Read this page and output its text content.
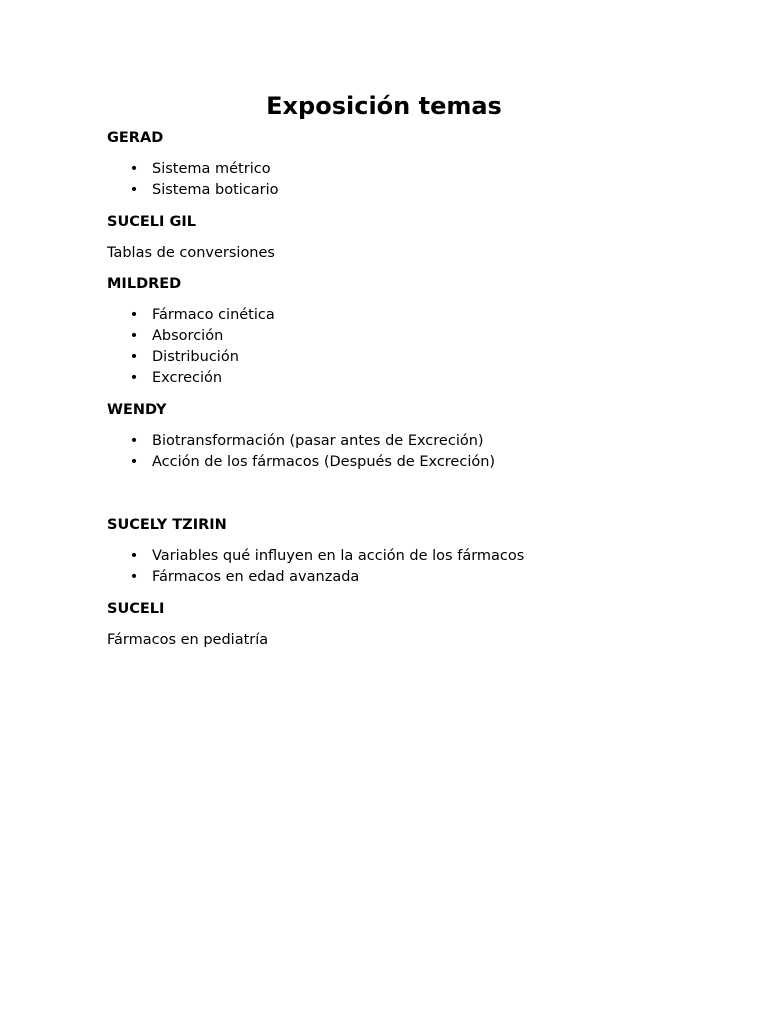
Exposición temas
GERAD
• Sistema métrico
• Sistema boticario
SUCELI GIL
Tablas de conversiones
MILDRED
• Fármaco cinética
• Absorción
• Distribución
• Excreción
WENDY
• Biotransformación (pasar antes de Excreción)
• Acción de los fármacos (Después de Excreción)
SUCELY TZIRIN
• Variables qué influyen en la acción de los fármacos
• Fármacos en edad avanzada
SUCELI
Fármacos en pediatría
